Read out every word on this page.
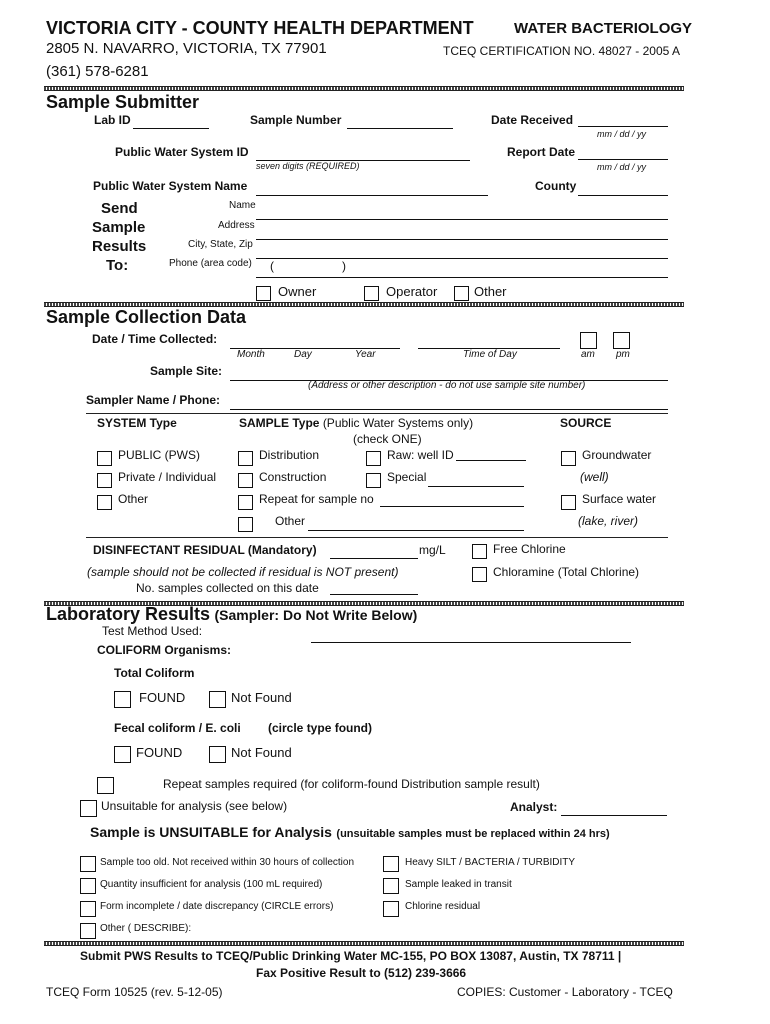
VICTORIA CITY - COUNTY HEALTH DEPARTMENT
2805 N. NAVARRO, VICTORIA, TX 77901
(361) 578-6281
WATER BACTERIOLOGY
TCEQ CERTIFICATION NO. 48027 - 2005 A
Sample Submitter
Lab ID	Sample Number	Date Received
mm / dd / yy
Public Water System ID
seven digits (REQUIRED)
Report Date
mm / dd / yy
Public Water System Name	County
Send
Sample
Results
To:
Name
Address
City, State, Zip
Phone (area code) (	)
Owner	Operator	Other
Sample Collection Data
Date / Time Collected:
Month	Day	Year	Time of Day	am pm
Sample Site:
(Address or other description - do not use sample site number)
Sampler Name / Phone:
SYSTEM Type	SAMPLE Type (Public Water Systems only)
(check ONE)
SOURCE
PUBLIC (PWS)
Private / Individual
Other
Distribution
Construction
Repeat for sample no
Other
Raw: well ID
Special
Groundwater
(well)
Surface water
(lake, river)
DISINFECTANT RESIDUAL (Mandatory)	mg/L	Free Chlorine
Chloramine (Total Chlorine)
(sample should not be collected if residual is NOT present)
No. samples collected on this date
Laboratory Results (Sampler: Do Not Write Below)
Test Method Used:
COLIFORM Organisms:
Total Coliform
FOUND	Not Found
Fecal coliform / E. coli (circle type found)
FOUND	Not Found
Repeat samples required (for coliform-found Distribution sample result)
Unsuitable for analysis (see below)	Analyst:
Sample is UNSUITABLE for Analysis (unsuitable samples must be replaced within 24 hrs)
Sample too old. Not received within 30 hours of collection
Quantity insufficient for analysis (100 mL required)
Form incomplete / date discrepancy (CIRCLE errors)
Other ( DESCRIBE):
Heavy SILT / BACTERIA / TURBIDITY
Sample leaked in transit
Chlorine residual
Submit PWS Results to TCEQ/Public Drinking Water MC-155, PO BOX 13087, Austin, TX 78711 |
Fax Positive Result to (512) 239-3666
TCEQ Form 10525 (rev. 5-12-05)	COPIES: Customer - Laboratory - TCEQ
